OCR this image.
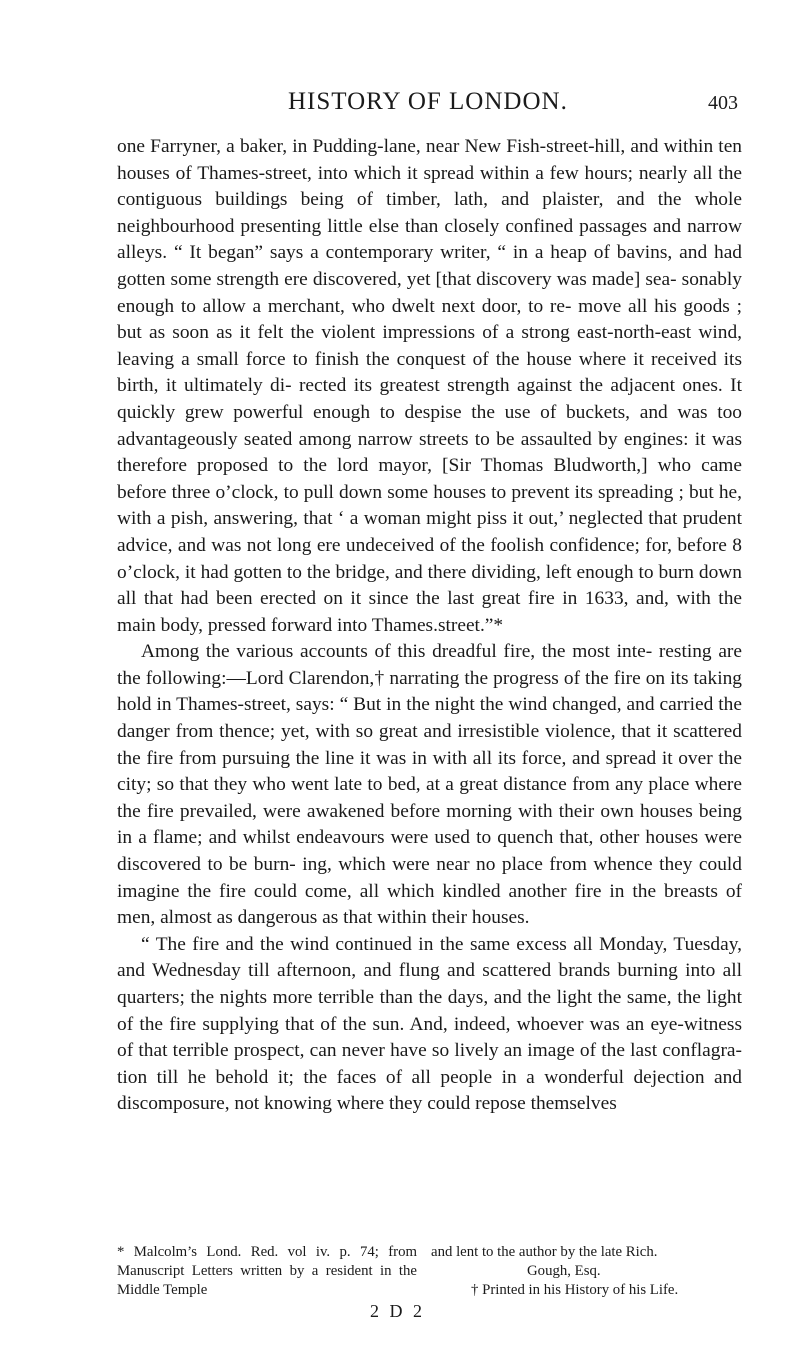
HISTORY OF LONDON.	403

one Farryner, a baker, in Pudding-lane, near New Fish-street-hill, and within ten houses of Thames-street, into which it spread within a few hours; nearly all the contiguous buildings being of timber, lath, and plaister, and the whole neighbourhood presenting little else than closely confined passages and narrow alleys. “ It began” says a contemporary writer, “ in a heap of bavins, and had gotten some strength ere discovered, yet [that discovery was made] sea- sonably enough to allow a merchant, who dwelt next door, to re- move all his goods ; but as soon as it felt the violent impressions of a strong east-north-east wind, leaving a small force to finish the conquest of the house where it received its birth, it ultimately di- rected its greatest strength against the adjacent ones. It quickly grew powerful enough to despise the use of buckets, and was too advantageously seated among narrow streets to be assaulted by engines: it was therefore proposed to the lord mayor, [Sir Thomas Bludworth,] who came before three o’clock, to pull down some houses to prevent its spreading ; but he, with a pish, answering, that ‘ a woman might piss it out,’ neglected that prudent advice, and was not long ere undeceived of the foolish confidence; for, before 8 o’clock, it had gotten to the bridge, and there dividing, left enough to burn down all that had been erected on it since the last great fire in 1633, and, with the main body, pressed forward into Thames.street.”*

Among the various accounts of this dreadful fire, the most inte- resting are the following:—Lord Clarendon,† narrating the progress of the fire on its taking hold in Thames-street, says: “ But in the night the wind changed, and carried the danger from thence; yet, with so great and irresistible violence, that it scattered the fire from pursuing the line it was in with all its force, and spread it over the city; so that they who went late to bed, at a great distance from any place where the fire prevailed, were awakened before morning with their own houses being in a flame; and whilst endeavours were used to quench that, other houses were discovered to be burn- ing, which were near no place from whence they could imagine the fire could come, all which kindled another fire in the breasts of men, almost as dangerous as that within their houses.

“ The fire and the wind continued in the same excess all Monday, Tuesday, and Wednesday till afternoon, and flung and scattered brands burning into all quarters; the nights more terrible than the days, and the light the same, the light of the fire supplying that of the sun. And, indeed, whoever was an eye-witness of that terrible prospect, can never have so lively an image of the last conflagra- tion till he behold it; the faces of all people in a wonderful dejection and discomposure, not knowing where they could repose themselves

* Malcolm’s Lond. Red. vol iv. p. 74; from Manuscript Letters written by a resident in the Middle Temple
and lent to the author by the late Rich.
Gough, Esq.
† Printed in his History of his Life.
2 D 2
